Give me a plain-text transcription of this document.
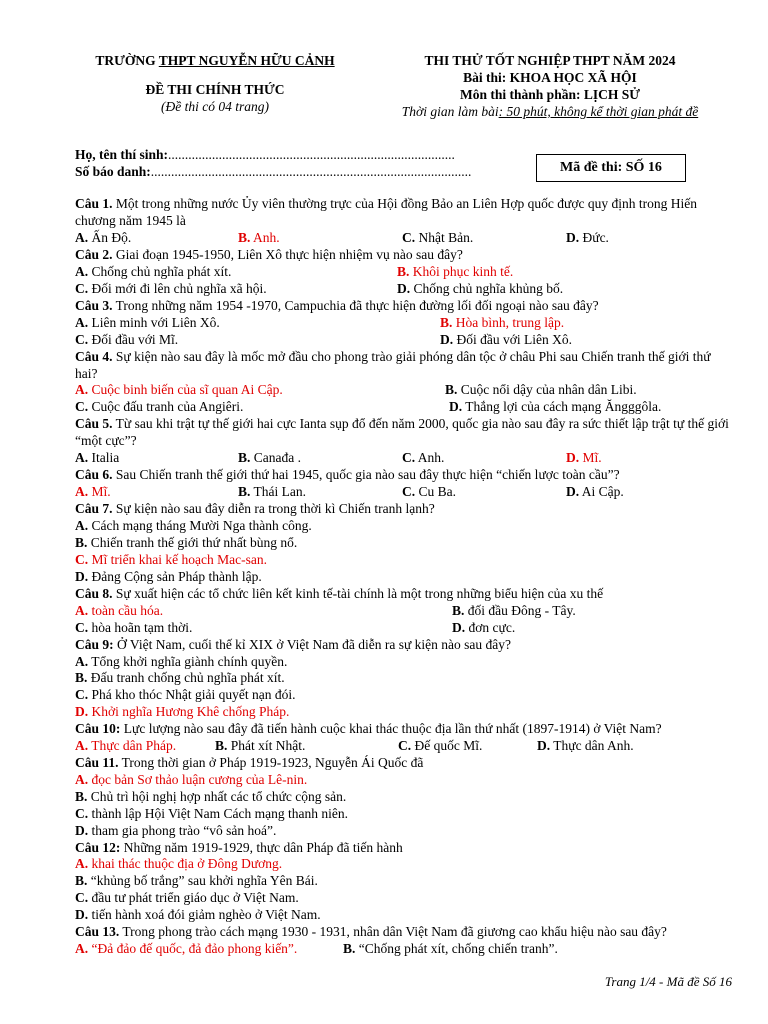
TRƯỜNG THPT NGUYỄN HỮU CẢNH
ĐỀ THI CHÍNH THỨC
(Đề thi có 04 trang)
THI THỬ TỐT NGHIỆP THPT NĂM 2024
Bài thi: KHOA HỌC XÃ HỘI
Môn thi thành phần: LỊCH SỬ
Thời gian làm bài: 50 phút, không kể thời gian phát đề
Họ, tên thí sinh:.....................................................................................
Số báo danh:...............................................................................................	Mã đề thi: SỐ 16
Câu 1. Một trong những nước Ủy viên thường trực của Hội đồng Bảo an Liên Hợp quốc được quy định trong Hiến chương năm 1945 là
A. Ấn Độ.	B. Anh.	C. Nhật Bản.	D. Đức.
Câu 2. Giai đoạn 1945-1950, Liên Xô thực hiện nhiệm vụ nào sau đây?
A. Chống chủ nghĩa phát xít.	B. Khôi phục kinh tế.
C. Đối mới đi lên chủ nghĩa xã hội.	D. Chống chủ nghĩa khủng bố.
Câu 3. Trong những năm 1954 -1970, Campuchia đã thực hiện đường lối đối ngoại nào sau đây?
A. Liên minh với Liên Xô.	B. Hòa bình, trung lập.
C. Đối đầu với Mĩ.	D. Đối đầu với Liên Xô.
Câu 4. Sự kiện nào sau đây là mốc mở đầu cho phong trào giải phóng dân tộc ở châu Phi sau Chiến tranh thế giới thứ hai?
A. Cuộc binh biến của sĩ quan Ai Cập.	B. Cuộc nổi dậy của nhân dân Libi.
C. Cuộc đấu tranh của Angiêri.	D. Thắng lợi của cách mạng Ăngggôla.
Câu 5. Từ sau khi trật tự thế giới hai cực Ianta sụp đổ đến năm 2000, quốc gia nào sau đây ra sức thiết lập trật tự thế giới “một cực”?
A. Italia	B. Canađa .	C. Anh.	D. Mĩ.
Câu 6. Sau Chiến tranh thế giới thứ hai 1945, quốc gia nào sau đây thực hiện “chiến lược toàn cầu”?
A. Mĩ.	B. Thái Lan.	C. Cu Ba.	D. Ai Cập.
Câu 7. Sự kiện nào sau đây diễn ra trong thời kì Chiến tranh lạnh?
A. Cách mạng tháng Mười Nga thành công.
B. Chiến tranh thế giới thứ nhất bùng nổ.
C. Mĩ triển khai kế hoạch Mac-san.
D. Đảng Cộng sản Pháp thành lập.
Câu 8. Sự xuất hiện các tổ chức liên kết kinh tế-tài chính là một trong những biểu hiện của xu thế
A. toàn cầu hóa.	B. đối đầu Đông - Tây.
C. hòa hoãn tạm thời.	D. đơn cực.
Câu 9: Ở Việt Nam, cuối thế kỉ XIX ở Việt Nam đã diễn ra sự kiện nào sau đây?
A. Tổng khởi nghĩa giành chính quyền.
B. Đấu tranh chống chủ nghĩa phát xít.
C. Phá kho thóc Nhật giải quyết nạn đói.
D. Khởi nghĩa Hương Khê chống Pháp.
Câu 10: Lực lượng nào sau đây đã tiến hành cuộc khai thác thuộc địa lần thứ nhất (1897-1914) ở Việt Nam?
A. Thực dân Pháp.	B. Phát xít Nhật.	C. Đế quốc Mĩ.	D. Thực dân Anh.
Câu 11. Trong thời gian ở Pháp 1919-1923, Nguyễn Ái Quốc đã
A. đọc bản Sơ thảo luận cương của Lê-nin.
B. Chủ trì hội nghị hợp nhất các tổ chức cộng sản.
C. thành lập Hội Việt Nam Cách mạng thanh niên.
D. tham gia phong trào “vô sản hoá”.
Câu 12: Những năm 1919-1929, thực dân Pháp đã tiến hành
A. khai thác thuộc địa ở Đông Dương.
B. “khủng bố trắng” sau khởi nghĩa Yên Bái.
C. đầu tư phát triển giáo dục ở Việt Nam.
D. tiến hành xoá đói giảm nghèo ở Việt Nam.
Câu 13. Trong phong trào cách mạng 1930 - 1931, nhân dân Việt Nam đã giương cao khẩu hiệu nào sau đây?
A. “Đả đảo đế quốc, đả đảo phong kiến”.	B. “Chống phát xít, chống chiến tranh”.
Trang 1/4 - Mã đề Số 16
